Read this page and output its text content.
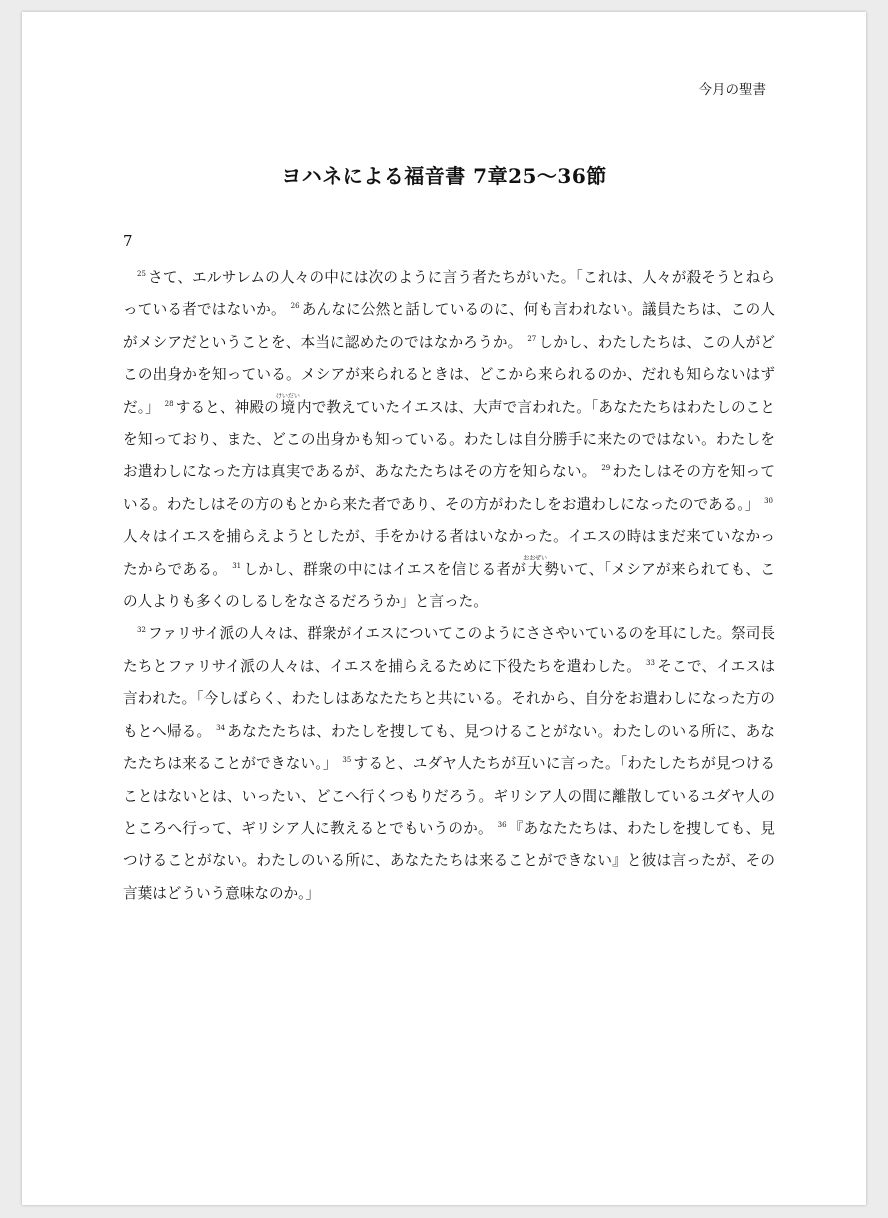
今月の聖書
ヨハネによる福音書 7章25〜36節
7

$^{25}$ さて、エルサレムの人々の中には次のように言う者たちがいた。「これは、人々が殺そうとねらっている者ではないか。 $^{26}$ あんなに公然と話しているのに、何も言われない。議員たちは、この人がメシアだということを、本当に認めたのではなかろうか。 $^{27}$ しかし、わたしたちは、この人がどこの出身かを知っている。メシアが来られるときは、どこから来られるのか、だれも知らないはずだ。」 $^{28}$ すると、神殿の境けいだい内で教えていたイエスは、大声で言われた。「あなたたちはわたしのことを知っており、また、どこの出身かも知っている。わたしは自分勝手に来たのではない。わたしをお遣わしになった方は真実であるが、あなたたちはその方を知らない。 $^{29}$ わたしはその方を知っている。わたしはその方のもとから来た者であり、その方がわたしをお遣わしになったのである。」 $^{30}$人々はイエスを捕らえようとしたが、手をかける者はいなかった。イエスの時はまだ来ていなかったからである。 $^{31}$ しかし、群衆の中にはイエスを信じる者が大おおぜい勢いて、「メシアが来られても、この人よりも多くのしるしをなさるだろうか」と言った。

$^{32}$ ファリサイ派の人々は、群衆がイエスについてこのようにささやいているのを耳にした。祭司長たちとファリサイ派の人々は、イエスを捕らえるために下役たちを遣わした。 $^{33}$ そこで、イエスは言われた。「今しばらく、わたしはあなたたちと共にいる。それから、自分をお遣わしになった方のもとへ帰る。 $^{34}$ あなたたちは、わたしを捜しても、見つけることがない。わたしのいる所に、あなたたちは来ることができない。」 $^{35}$ すると、ユダヤ人たちが互いに言った。「わたしたちが見つけることはないとは、いったい、どこへ行くつもりだろう。ギリシア人の間に離散しているユダヤ人のところへ行って、ギリシア人に教えるとでもいうのか。 $^{36}$ 『あなたたちは、わたしを捜しても、見つけることがない。わたしのいる所に、あなたたちは来ることができない』と彼は言ったが、その言葉はどういう意味なのか。」
